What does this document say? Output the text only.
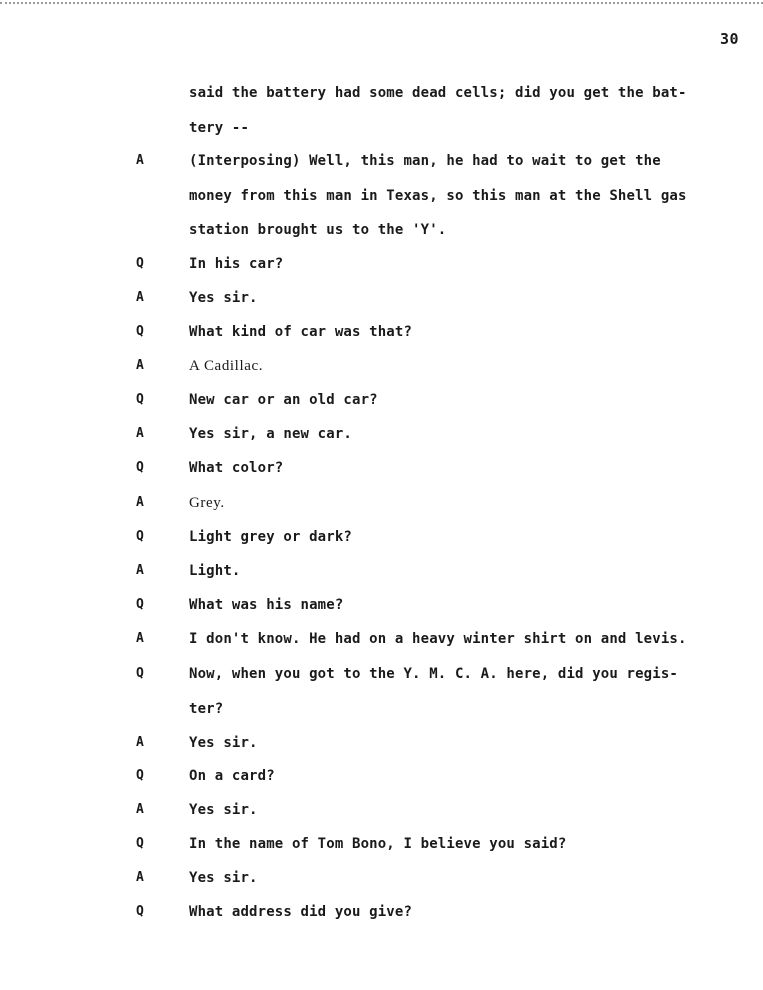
30
said the battery had some dead cells; did you get the bat-
tery --
A	(Interposing) Well, this man, he had to wait to get the
money from this man in Texas, so this man at the Shell gas
station brought us to the 'Y'.
Q	In his car?
A	Yes sir.
Q	What kind of car was that?
A	A Cadillac.
Q	New car or an old car?
A	Yes sir, a new car.
Q	What color?
A	Grey.
Q	Light grey or dark?
A	Light.
Q	What was his name?
A	I don't know. He had on a heavy winter shirt on and levis.
Q	Now, when you got to the Y. M. C. A. here, did you regis-
ter?
A	Yes sir.
Q	On a card?
A	Yes sir.
Q	In the name of Tom Bono, I believe you said?
A	Yes sir.
Q	What address did you give?
